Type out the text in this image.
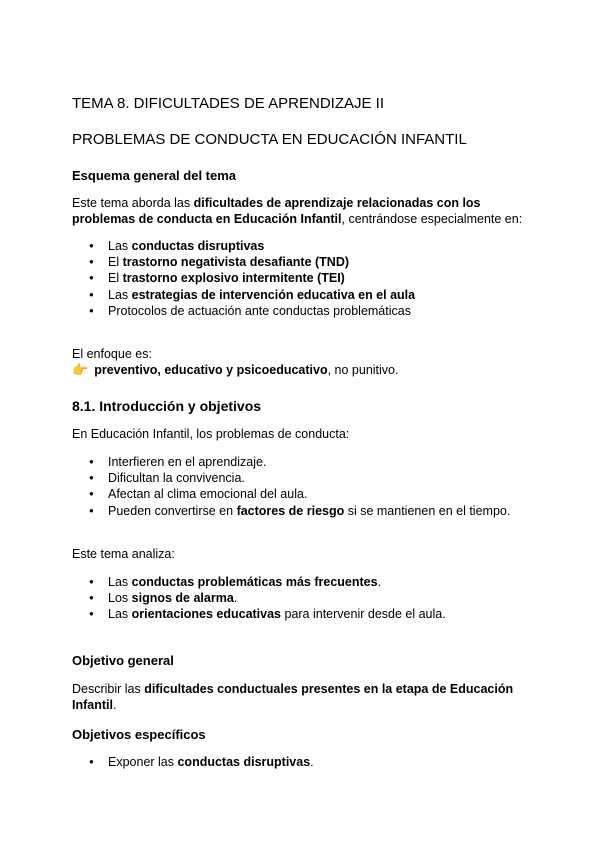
TEMA 8. DIFICULTADES DE APRENDIZAJE II
PROBLEMAS DE CONDUCTA EN EDUCACIÓN INFANTIL
Esquema general del tema

Este tema aborda las dificultades de aprendizaje relacionadas con los problemas de conducta en Educación Infantil, centrándose especialmente en:

● Las conductas disruptivas
● El trastorno negativista desafiante (TND)
● El trastorno explosivo intermitente (TEI)
● Las estrategias de intervención educativa en el aula
● Protocolos de actuación ante conductas problemáticas
El enfoque es:
👉 preventivo, educativo y psicoeducativo, no punitivo.
8.1. Introducción y objetivos
En Educación Infantil, los problemas de conducta:
● Interfieren en el aprendizaje.
● Dificultan la convivencia.
● Afectan al clima emocional del aula.
● Pueden convertirse en factores de riesgo si se mantienen en el tiempo.
Este tema analiza:
● Las conductas problemáticas más frecuentes.
● Los signos de alarma.
● Las orientaciones educativas para intervenir desde el aula.
Objetivo general

Describir las dificultades conductuales presentes en la etapa de Educación Infantil.

Objetivos específicos
● Exponer las conductas disruptivas.
